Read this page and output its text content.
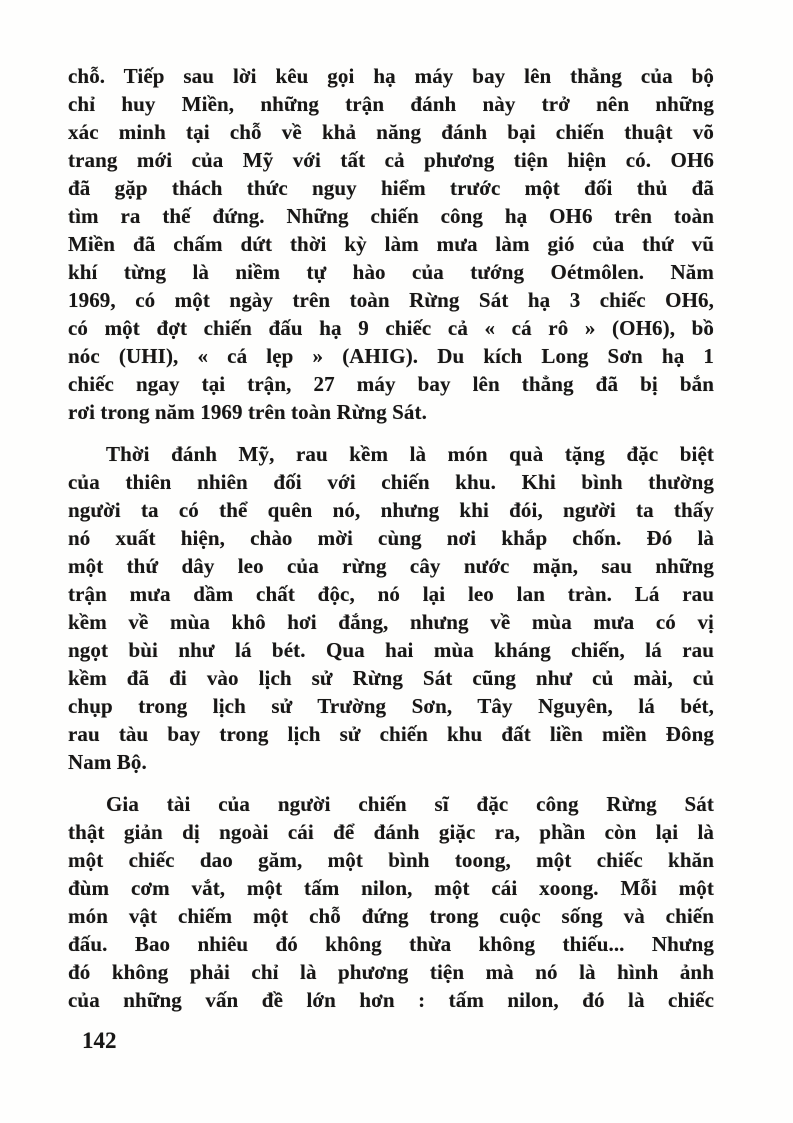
chỗ. Tiếp sau lời kêu gọi hạ máy bay lên thẳng của bộ
chỉ huy Miền, những trận đánh này trở nên những
xác minh tại chỗ về khả năng đánh bại chiến thuật võ
trang mới của Mỹ với tất cả phương tiện hiện có. OH6
đã gặp thách thức nguy hiểm trước một đối thủ đã
tìm ra thế đứng. Những chiến công hạ OH6 trên toàn
Miền đã chấm dứt thời kỳ làm mưa làm gió của thứ vũ
khí từng là niềm tự hào của tướng Oétmôlen. Năm
1969, có một ngày trên toàn Rừng Sát hạ 3 chiếc OH6,
có một đợt chiến đấu hạ 9 chiếc cả « cá rô » (OH6), bồ
nóc (UHI), « cá lẹp » (AHIG). Du kích Long Sơn hạ 1
chiếc ngay tại trận, 27 máy bay lên thẳng đã bị bắn
rơi trong năm 1969 trên toàn Rừng Sát.
Thời đánh Mỹ, rau kềm là món quà tặng đặc biệt
của thiên nhiên đối với chiến khu. Khi bình thường
người ta có thể quên nó, nhưng khi đói, người ta thấy
nó xuất hiện, chào mời cùng nơi khắp chốn. Đó là
một thứ dây leo của rừng cây nước mặn, sau những
trận mưa dầm chất độc, nó lại leo lan tràn. Lá rau
kềm về mùa khô hơi đắng, nhưng về mùa mưa có vị
ngọt bùi như lá bét. Qua hai mùa kháng chiến, lá rau
kềm đã đi vào lịch sử Rừng Sát cũng như củ mài, củ
chụp trong lịch sử Trường Sơn, Tây Nguyên, lá bét,
rau tàu bay trong lịch sử chiến khu đất liền miền Đông
Nam Bộ.
Gia tài của người chiến sĩ đặc công Rừng Sát
thật giản dị ngoài cái để đánh giặc ra, phần còn lại là
một chiếc dao găm, một bình toong, một chiếc khăn
đùm cơm vắt, một tấm nilon, một cái xoong. Mỗi một
món vật chiếm một chỗ đứng trong cuộc sống và chiến
đấu. Bao nhiêu đó không thừa không thiếu... Nhưng
đó không phải chỉ là phương tiện mà nó là hình ảnh
của những vấn đề lớn hơn : tấm nilon, đó là chiếc
142
